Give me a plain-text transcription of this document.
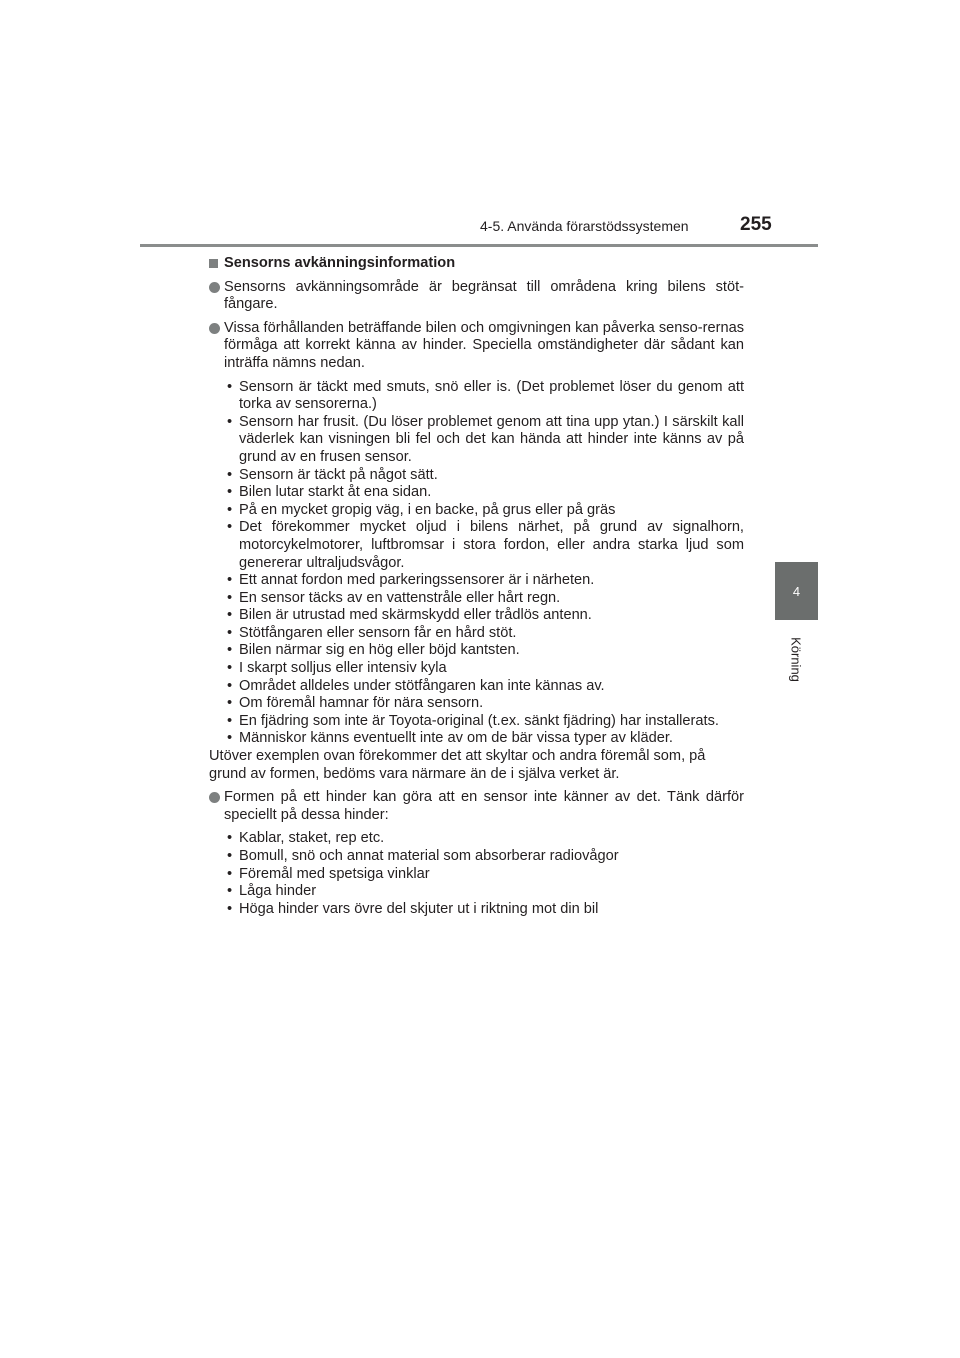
4-5. Använda förarstödssystemen	255
4
Körning
Sensorns avkänningsinformation
Sensorns avkänningsområde är begränsat till områdena kring bilens stöt-fångare.
Vissa förhållanden beträffande bilen och omgivningen kan påverka senso-rernas förmåga att korrekt känna av hinder. Speciella omständigheter där sådant kan inträffa nämns nedan.
• Sensorn är täckt med smuts, snö eller is. (Det problemet löser du genom att torka av sensorerna.)
• Sensorn har frusit. (Du löser problemet genom att tina upp ytan.) I särskilt kall väderlek kan visningen bli fel och det kan hända att hinder inte känns av på grund av en frusen sensor.
• Sensorn är täckt på något sätt.
• Bilen lutar starkt åt ena sidan.
• På en mycket gropig väg, i en backe, på grus eller på gräs
• Det förekommer mycket oljud i bilens närhet, på grund av signalhorn, motorcykelmotorer, luftbromsar i stora fordon, eller andra starka ljud som genererar ultraljudsvågor.
• Ett annat fordon med parkeringssensorer är i närheten.
• En sensor täcks av en vattenstråle eller hårt regn.
• Bilen är utrustad med skärmskydd eller trådlös antenn.
• Stötfångaren eller sensorn får en hård stöt.
• Bilen närmar sig en hög eller böjd kantsten.
• I skarpt solljus eller intensiv kyla
• Området alldeles under stötfångaren kan inte kännas av.
• Om föremål hamnar för nära sensorn.
• En fjädring som inte är Toyota-original (t.ex. sänkt fjädring) har installerats.
• Människor känns eventuellt inte av om de bär vissa typer av kläder.
Utöver exemplen ovan förekommer det att skyltar och andra föremål som, på grund av formen, bedöms vara närmare än de i själva verket är.
Formen på ett hinder kan göra att en sensor inte känner av det. Tänk därför speciellt på dessa hinder:
• Kablar, staket, rep etc.
• Bomull, snö och annat material som absorberar radiovågor
• Föremål med spetsiga vinklar
• Låga hinder
• Höga hinder vars övre del skjuter ut i riktning mot din bil
